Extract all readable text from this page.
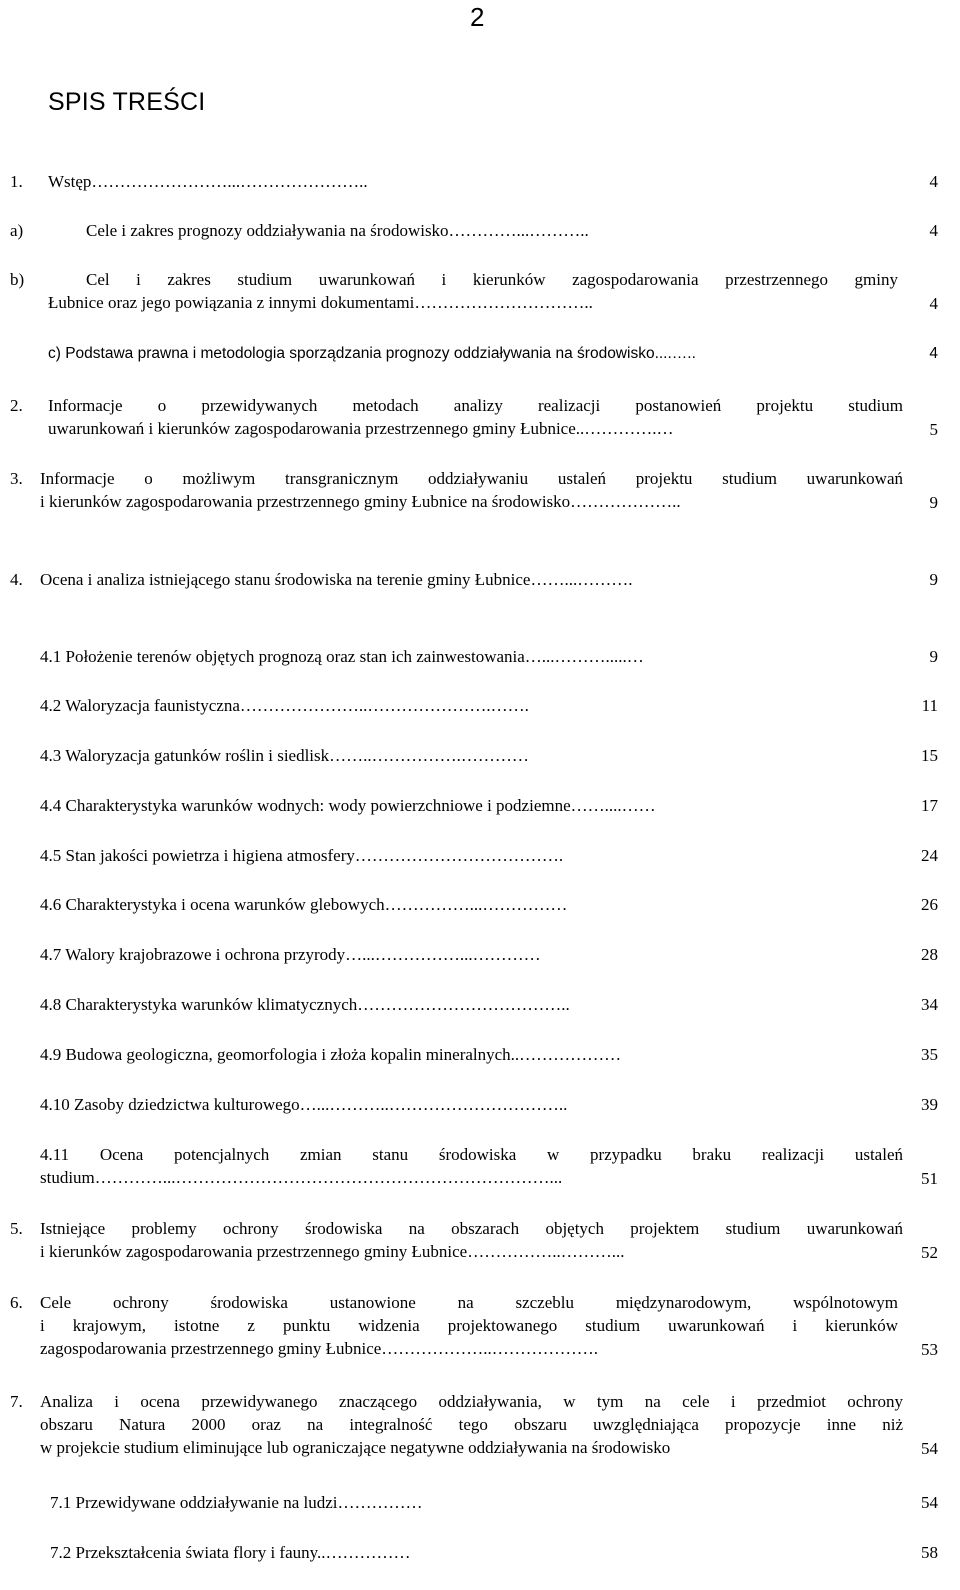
2
SPIS TREŚCI
1. Wstęp……………………...…………………..	4
a)	Cele i zakres prognozy oddziaływania na środowisko…………...………..	4
b)	Cel i zakres studium uwarunkowań i kierunków zagospodarowania przestrzennego gminy
Łubnice oraz jego powiązania z innymi dokumentami…………………………..	4
c) Podstawa prawna i metodologia sporządzania prognozy oddziaływania na środowisko....…..	4
2. Informacje o przewidywanych metodach analizy realizacji postanowień projektu studium
uwarunkowań i kierunków zagospodarowania przestrzennego gminy Łubnice..………….…	5
3. Informacje o możliwym transgranicznym oddziaływaniu ustaleń projektu studium uwarunkowań
i kierunków zagospodarowania przestrzennego gminy Łubnice na środowisko………………..	9
4. Ocena i analiza istniejącego stanu środowiska na terenie gminy Łubnice……...……….	9
4.1 Położenie terenów objętych prognozą oraz stan ich zainwestowania…...……….....…	9
4.2 Waloryzacja faunistyczna…………………..………………….…….	11
4.3 Waloryzacja gatunków roślin i siedlisk……..…………….…………	15
4.4 Charakterystyka warunków wodnych: wody powierzchniowe i podziemne……....……	17
4.5 Stan jakości powietrza i higiena atmosfery……………………………….	24
4.6 Charakterystyka i ocena warunków glebowych……………...……………	26
4.7 Walory krajobrazowe i ochrona przyrody…...……………...…………	28
4.8 Charakterystyka warunków klimatycznych………………………………..	34
4.9 Budowa geologiczna, geomorfologia i złoża kopalin mineralnych..………………	35
4.10 Zasoby dziedzictwa kulturowego…...………..…………………………..	39
4.11 Ocena potencjalnych zmian stanu środowiska w przypadku braku realizacji ustaleń
studium…………...…………………………………………………………...	51
5. Istniejące problemy ochrony środowiska na obszarach objętych projektem studium uwarunkowań
i kierunków zagospodarowania przestrzennego gminy Łubnice……………..………...	52
6. Cele ochrony środowiska ustanowione na szczeblu międzynarodowym, wspólnotowym
i krajowym, istotne z punktu widzenia projektowanego studium uwarunkowań i kierunków
zagospodarowania przestrzennego gminy Łubnice………………..……………….	53
7. Analiza i ocena przewidywanego znaczącego oddziaływania, w tym na cele i przedmiot ochrony
obszaru Natura 2000 oraz na integralność tego obszaru uwzględniająca propozycje inne niż
w projekcie studium eliminujące lub ograniczające negatywne oddziaływania na środowisko	54
7.1 Przewidywane oddziaływanie na ludzi……………	54
7.2 Przekształcenia świata flory i fauny..……………	58
